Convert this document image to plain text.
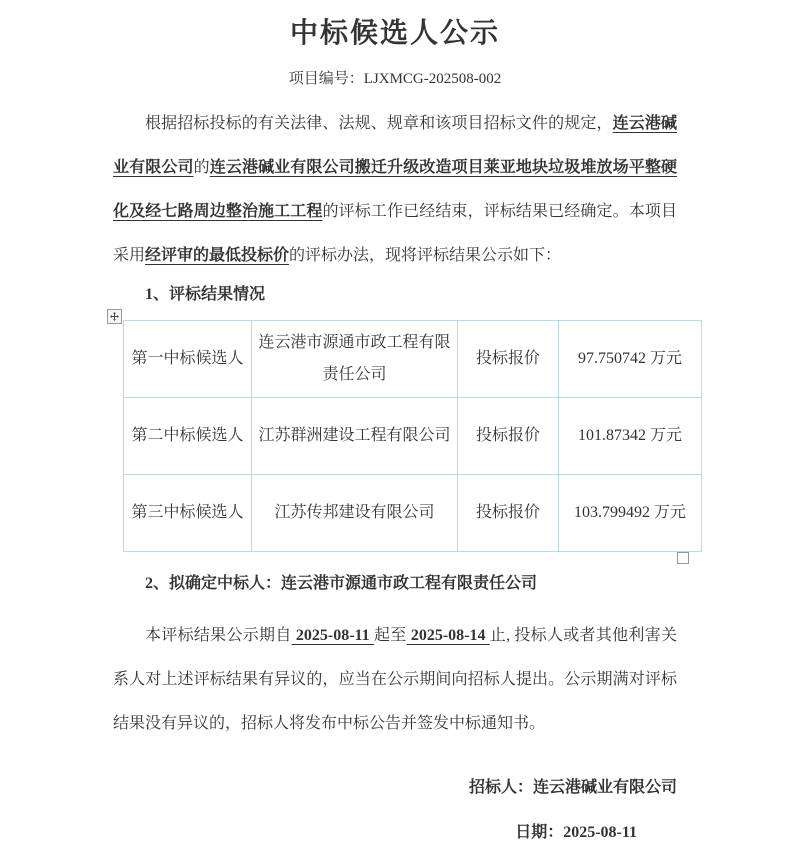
中标候选人公示
项目编号：LJXMCG-202508-002

根据招标投标的有关法律、法规、规章和该项目招标文件的规定，连云港碱业有限公司的连云港碱业有限公司搬迁升级改造项目莱亚地块垃圾堆放场平整硬化及经七路周边整治施工工程的评标工作已经结束，评标结果已经确定。本项目采用经评审的最低投标价的评标办法，现将评标结果公示如下：

1、评标结果情况
第一中标候选人	连云港市源通市政工程有限责任公司	投标报价	97.750742 万元
第二中标候选人	江苏群洲建设工程有限公司	投标报价	101.87342 万元
第三中标候选人	江苏传邦建设有限公司	投标报价	103.799492 万元
2、拟确定中标人：连云港市源通市政工程有限责任公司

本评标结果公示期自 2025-08-11 起至 2025-08-14 止, 投标人或者其他利害关系人对上述评标结果有异议的，应当在公示期间向招标人提出。公示期满对评标结果没有异议的，招标人将发布中标公告并签发中标通知书。

招标人：连云港碱业有限公司
日期：2025-08-11
